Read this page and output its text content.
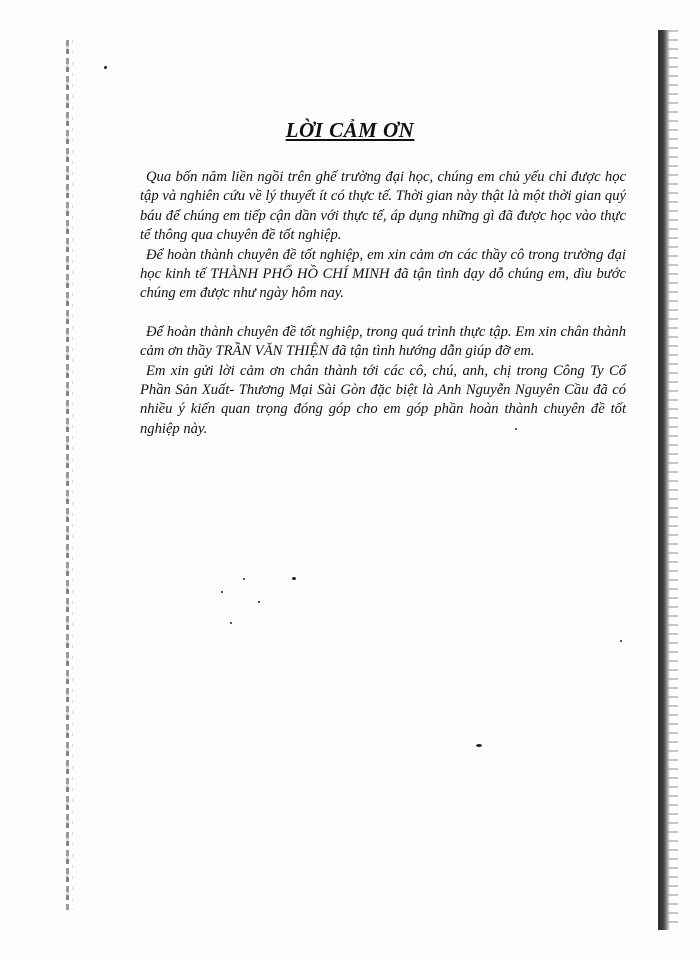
LỜI CẢM ƠN

Qua bốn năm liền ngồi trên ghế trường đại học, chúng em chủ yếu chỉ được học tập và nghiên cứu về lý thuyết ít có thực tế. Thời gian này thật là một thời gian quý báu để chúng em tiếp cận dần với thực tế, áp dụng những gì đã được học vào thực tế thông qua chuyên đề tốt nghiệp.

Để hoàn thành chuyên đề tốt nghiệp, em xin cảm ơn các thầy cô trong trường đại học kinh tế THÀNH PHỐ HỒ CHÍ MINH đã tận tình dạy dỗ chúng em, dìu bước chúng em được như ngày hôm nay.

Để hoàn thành chuyên đề tốt nghiệp, trong quá trình thực tập. Em xin chân thành cảm ơn thầy TRẦN VĂN THIỆN đã tận tình hướng dẫn giúp đỡ em.

Em xin gửi lời cảm ơn chân thành tới các cô, chú, anh, chị trong Công Ty Cổ Phần Sản Xuất- Thương Mại Sài Gòn đặc biệt là Anh Nguyễn Nguyên Cầu đã có nhiều ý kiến quan trọng đóng góp cho em góp phần hoàn thành chuyên đề tốt nghiệp này.
